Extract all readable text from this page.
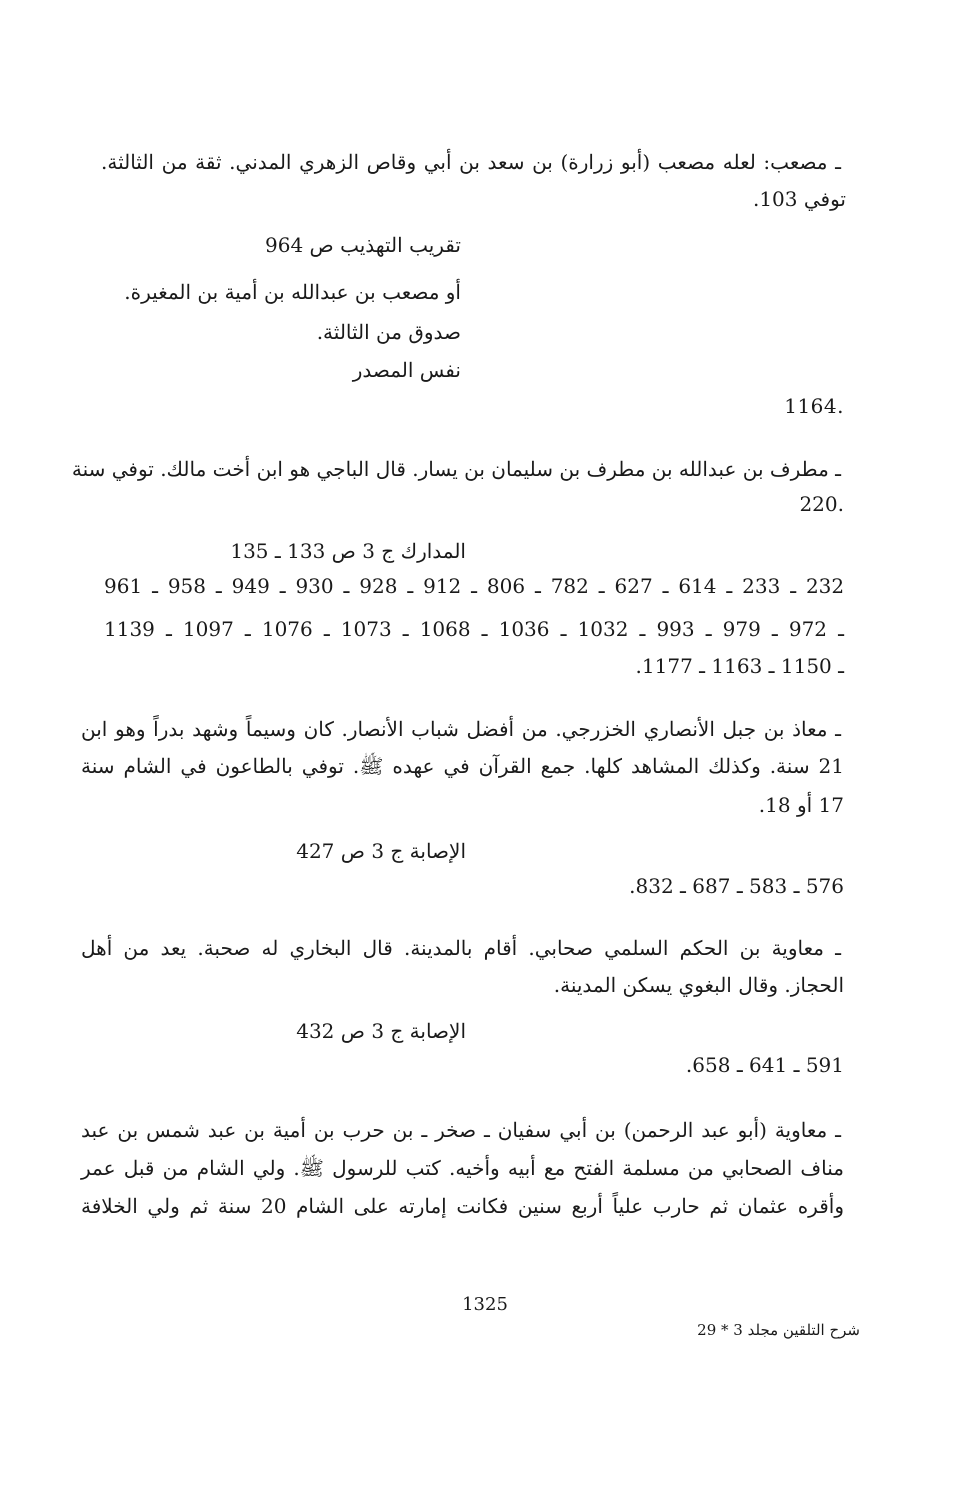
ـ مصعب: لعله مصعب (أبو زرارة) بن سعد بن أبي وقاص الزهري المدني. ثقة من الثالثة.
توفي 103.
تقريب التهذيب ص 964
أو مصعب بن عبدالله بن أمية بن المغيرة.
صدوق من الثالثة.
نفس المصدر
.1164
ـ مطرف بن عبدالله بن مطرف بن سليمان بن يسار. قال الباجي هو ابن أخت مالك. توفي سنة
.220
المدارك ج 3 ص 133 ـ 135
232 ـ 233 ـ 614 ـ 627 ـ 782 ـ 806 ـ 912 ـ 928 ـ 930 ـ 949 ـ 958 ـ 961
ـ 972 ـ 979 ـ 993 ـ 1032 ـ 1036 ـ 1068 ـ 1073 ـ 1076 ـ 1097 ـ 1139
ـ 1150 ـ 1163 ـ 1177.
ـ معاذ بن جبل الأنصاري الخزرجي. من أفضل شباب الأنصار. كان وسيماً وشهد بدراً وهو ابن
21 سنة. وكذلك المشاهد كلها. جمع القرآن في عهده ﷺ. توفي بالطاعون في الشام سنة
17 أو 18.
الإصابة ج 3 ص 427
576 ـ 583 ـ 687 ـ 832.
ـ معاوية بن الحكم السلمي صحابي. أقام بالمدينة. قال البخاري له صحبة. يعد من أهل
الحجاز. وقال البغوي يسكن المدينة.
الإصابة ج 3 ص 432
591 ـ 641 ـ 658.
ـ معاوية (أبو عبد الرحمن) بن أبي سفيان ـ صخر ـ بن حرب بن أمية بن عبد شمس بن عبد
مناف الصحابي من مسلمة الفتح مع أبيه وأخيه. كتب للرسول ﷺ. ولي الشام من قبل عمر
وأقره عثمان ثم حارب علياً أربع سنين فكانت إمارته على الشام 20 سنة ثم ولي الخلافة
1325
شرح التلقين مجلد 3 * 29
